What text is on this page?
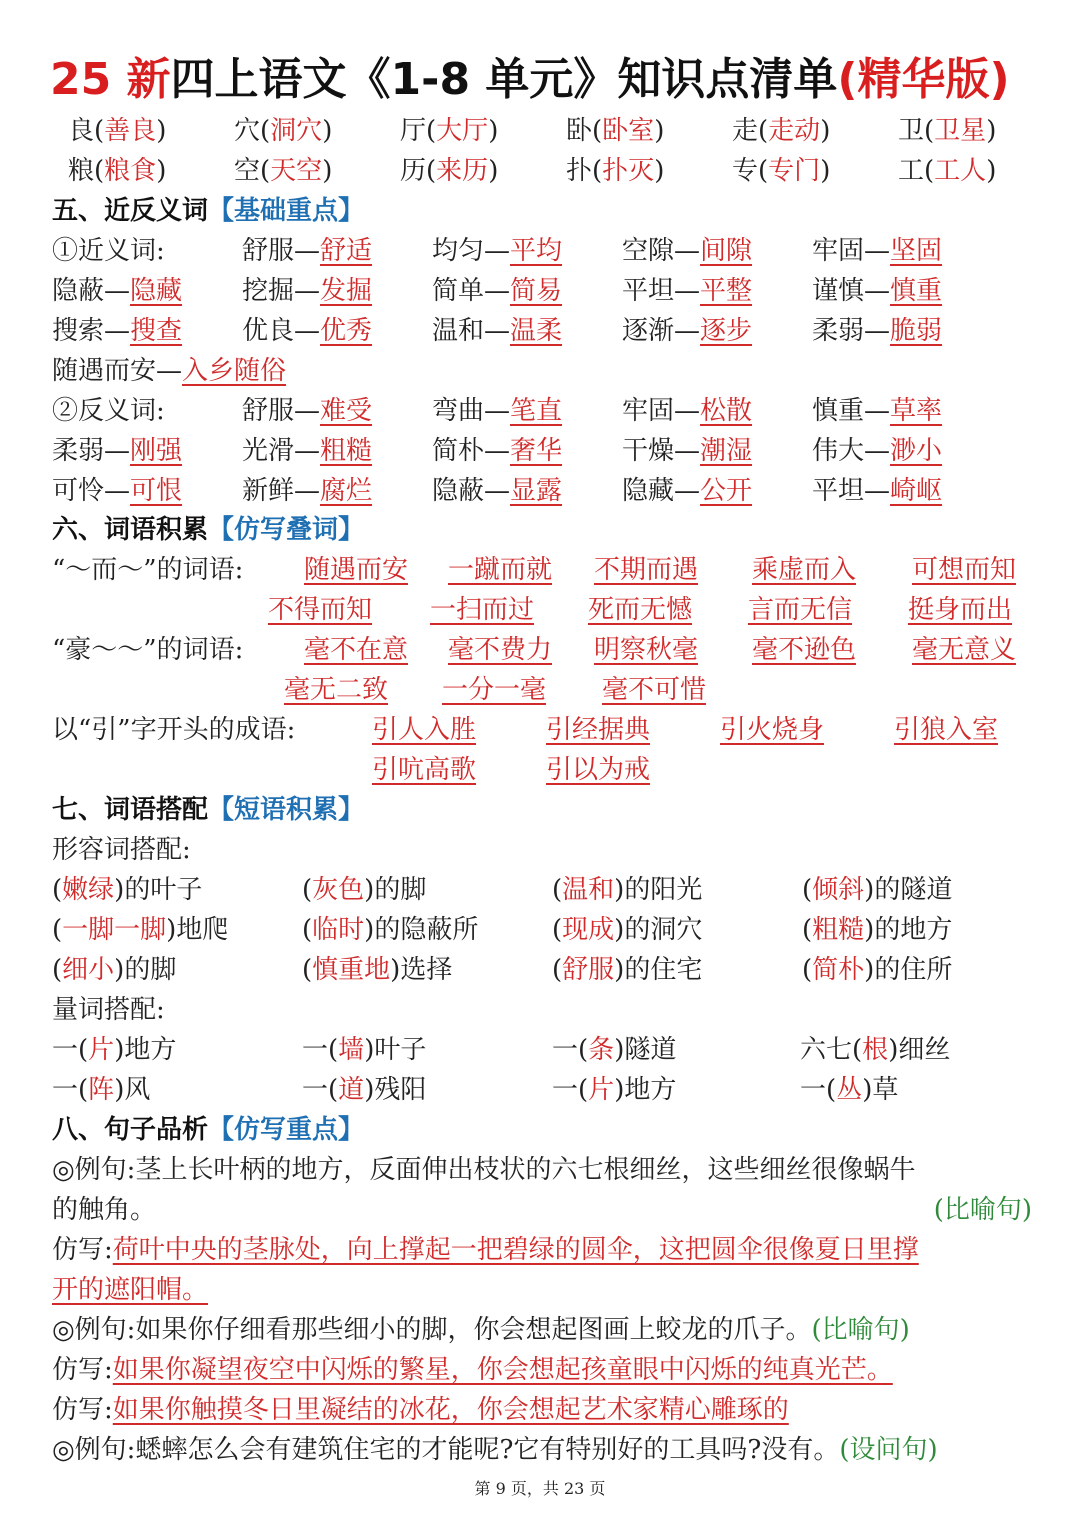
25 新四上语文《1-8 单元》知识点清单(精华版)
良(善良)	穴(洞穴)	厅(大厅)	卧(卧室)	走(走动)	卫(卫星)
粮(粮食)	空(天空)	历(来历)	扑(扑灭)	专(专门)	工(工人)
五、近反义词【基础重点】
①近义词:	舒服—舒适 均匀—平均 空隙—间隙 牢固—坚固
隐蔽—隐藏 挖掘—发掘 简单—简易 平坦—平整 谨慎—慎重
搜索—搜查 优良—优秀 温和—温柔 逐渐—逐步 柔弱—脆弱
随遇而安—入乡随俗
②反义词:	舒服—难受 弯曲—笔直 牢固—松散 慎重—草率
柔弱—刚强 光滑—粗糙 简朴—奢华 干燥—潮湿 伟大—渺小
可怜—可恨 新鲜—腐烂 隐蔽—显露 隐藏—公开 平坦—崎岖
六、词语积累【仿写叠词】
“～而～”的词语: 随遇而安 一蹴而就 不期而遇 乘虚而入 可想而知
不得而知 一扫而过 死而无憾 言而无信 挺身而出
“豪～～”的词语: 毫不在意 毫不费力 明察秋毫 毫不逊色 毫无意义
毫无二致 一分一毫 毫不可惜
以“引”字开头的成语:	引人入胜	引经据典	引火烧身	引狼入室
引吭高歌	引以为戒
七、词语搭配【短语积累】
形容词搭配:
(嫩绿)的叶子	(灰色)的脚	(温和)的阳光	(倾斜)的隧道
(一脚一脚)地爬	(临时)的隐蔽所	(现成)的洞穴	(粗糙)的地方
(细小)的脚	(慎重地)选择	(舒服)的住宅	(简朴)的住所
量词搭配:
一(片)地方	一(墙)叶子	一(条)隧道	六七(根)细丝
一(阵)风	一(道)残阳	一(片)地方	一(丛)草
八、句子品析【仿写重点】
◎例句:茎上长叶柄的地方，反面伸出枝状的六七根细丝，这些细丝很像蜗牛
的触角。	(比喻句)
仿写:荷叶中央的茎脉处，向上撑起一把碧绿的圆伞，这把圆伞很像夏日里撑
开的遮阳帽。
◎例句:如果你仔细看那些细小的脚，你会想起图画上蛟龙的爪子。(比喻句)
仿写:如果你凝望夜空中闪烁的繁星，你会想起孩童眼中闪烁的纯真光芒。
仿写:如果你触摸冬日里凝结的冰花，你会想起艺术家精心雕琢的
◎例句:蟋蟀怎么会有建筑住宅的才能呢?它有特别好的工具吗?没有。(设问句)
第 9 页，共 23 页
